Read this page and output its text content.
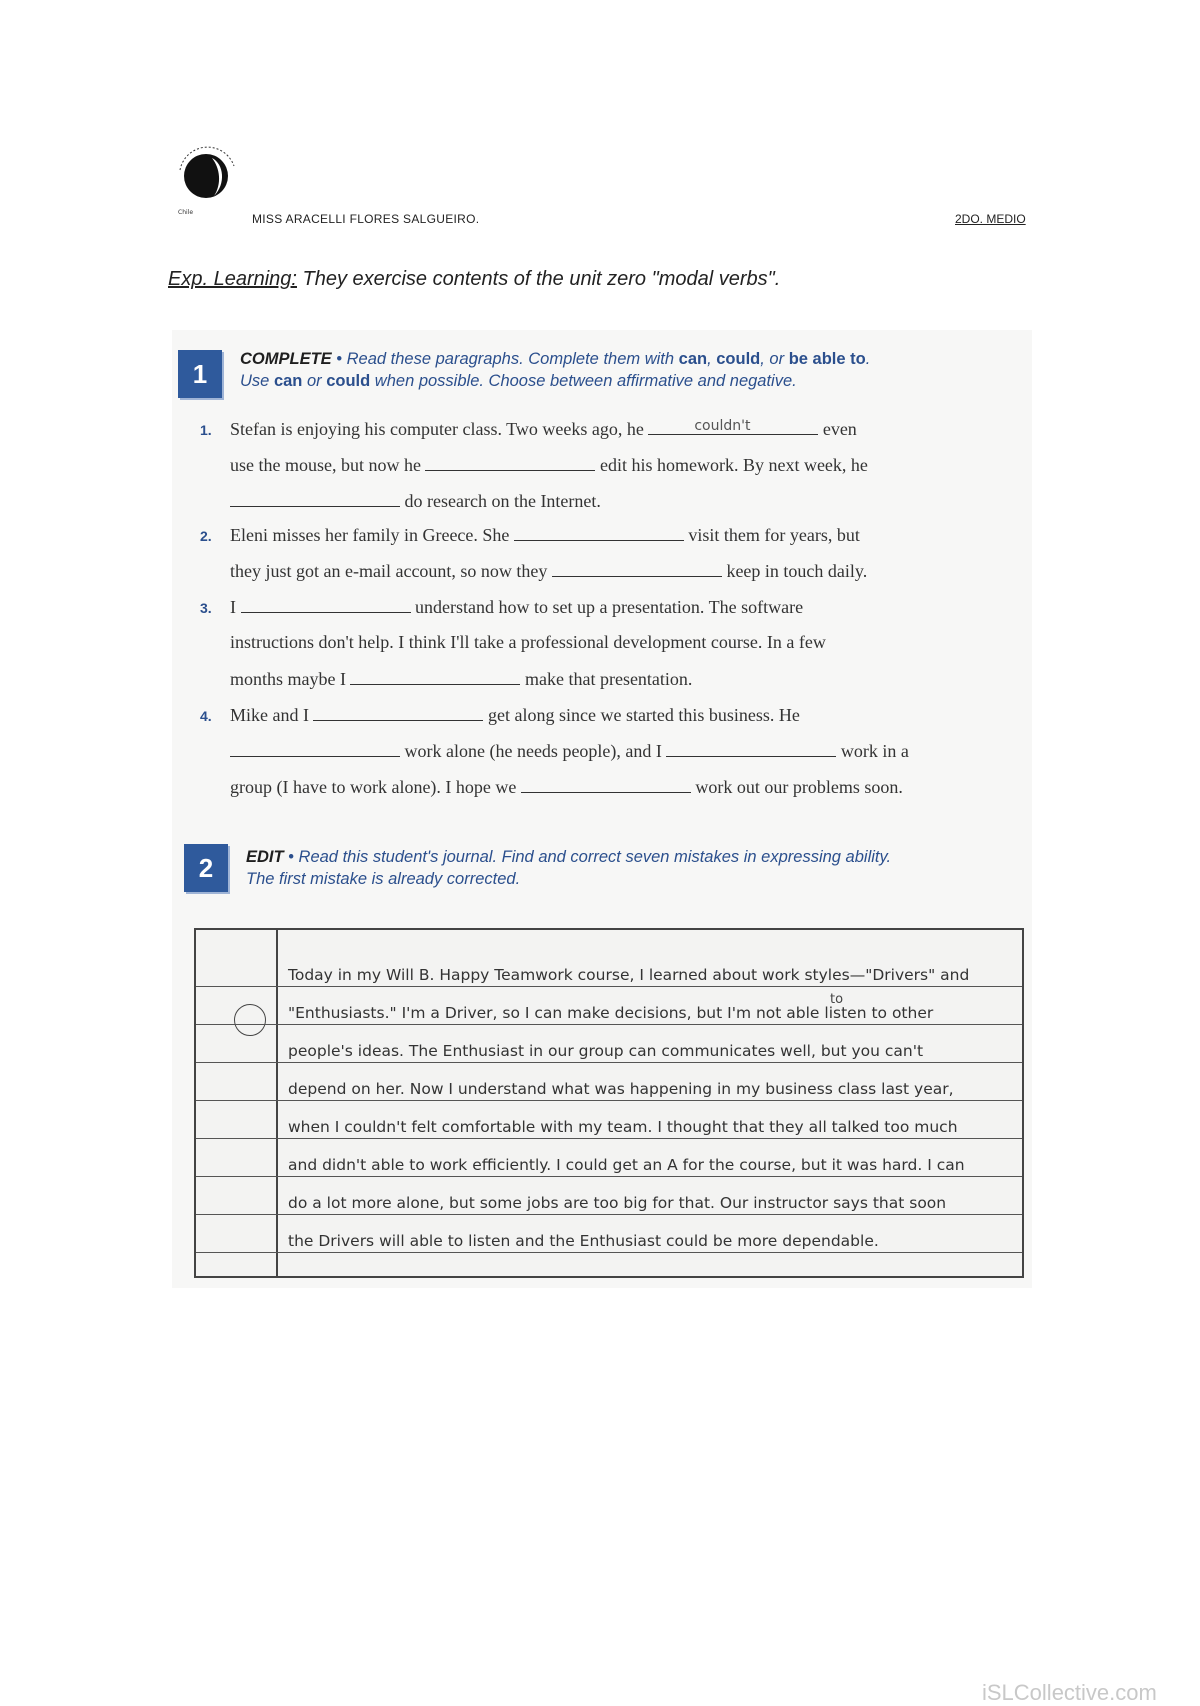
Chile	MISS ARACELLI FLORES SALGUEIRO.	2DO. MEDIO
Exp. Learning: They exercise contents of the unit zero "modal verbs".
1	COMPLETE • Read these paragraphs. Complete them with can, could, or be able to.
Use can or could when possible. Choose between affirmative and negative.
1. Stefan is enjoying his computer class. Two weeks ago, he	couldn't	even
use the mouse, but now he	edit his homework. By next week, he
do research on the Internet.
2. Eleni misses her family in Greece. She	visit them for years, but
they just got an e-mail account, so now they	keep in touch daily.
3. I	understand how to set up a presentation. The software
instructions don't help. I think I'll take a professional development course. In a few
months maybe I	make that presentation.
4. Mike and I	get along since we started this business. He
work alone (he needs people), and I	work in a
group (I have to work alone). I hope we	work out our problems soon.
2	EDIT • Read this student's journal. Find and correct seven mistakes in expressing ability.
The first mistake is already corrected.
to
Today in my Will B. Happy Teamwork course, I learned about work styles—"Drivers" and
"Enthusiasts." I'm a Driver, so I can make decisions, but I'm not able listen to other
people's ideas. The Enthusiast in our group can communicates well, but you can't
depend on her. Now I understand what was happening in my business class last year,
when I couldn't felt comfortable with my team. I thought that they all talked too much
and didn't able to work efficiently. I could get an A for the course, but it was hard. I can
do a lot more alone, but some jobs are too big for that. Our instructor says that soon
the Drivers will able to listen and the Enthusiast could be more dependable.
iSLCollective.com
